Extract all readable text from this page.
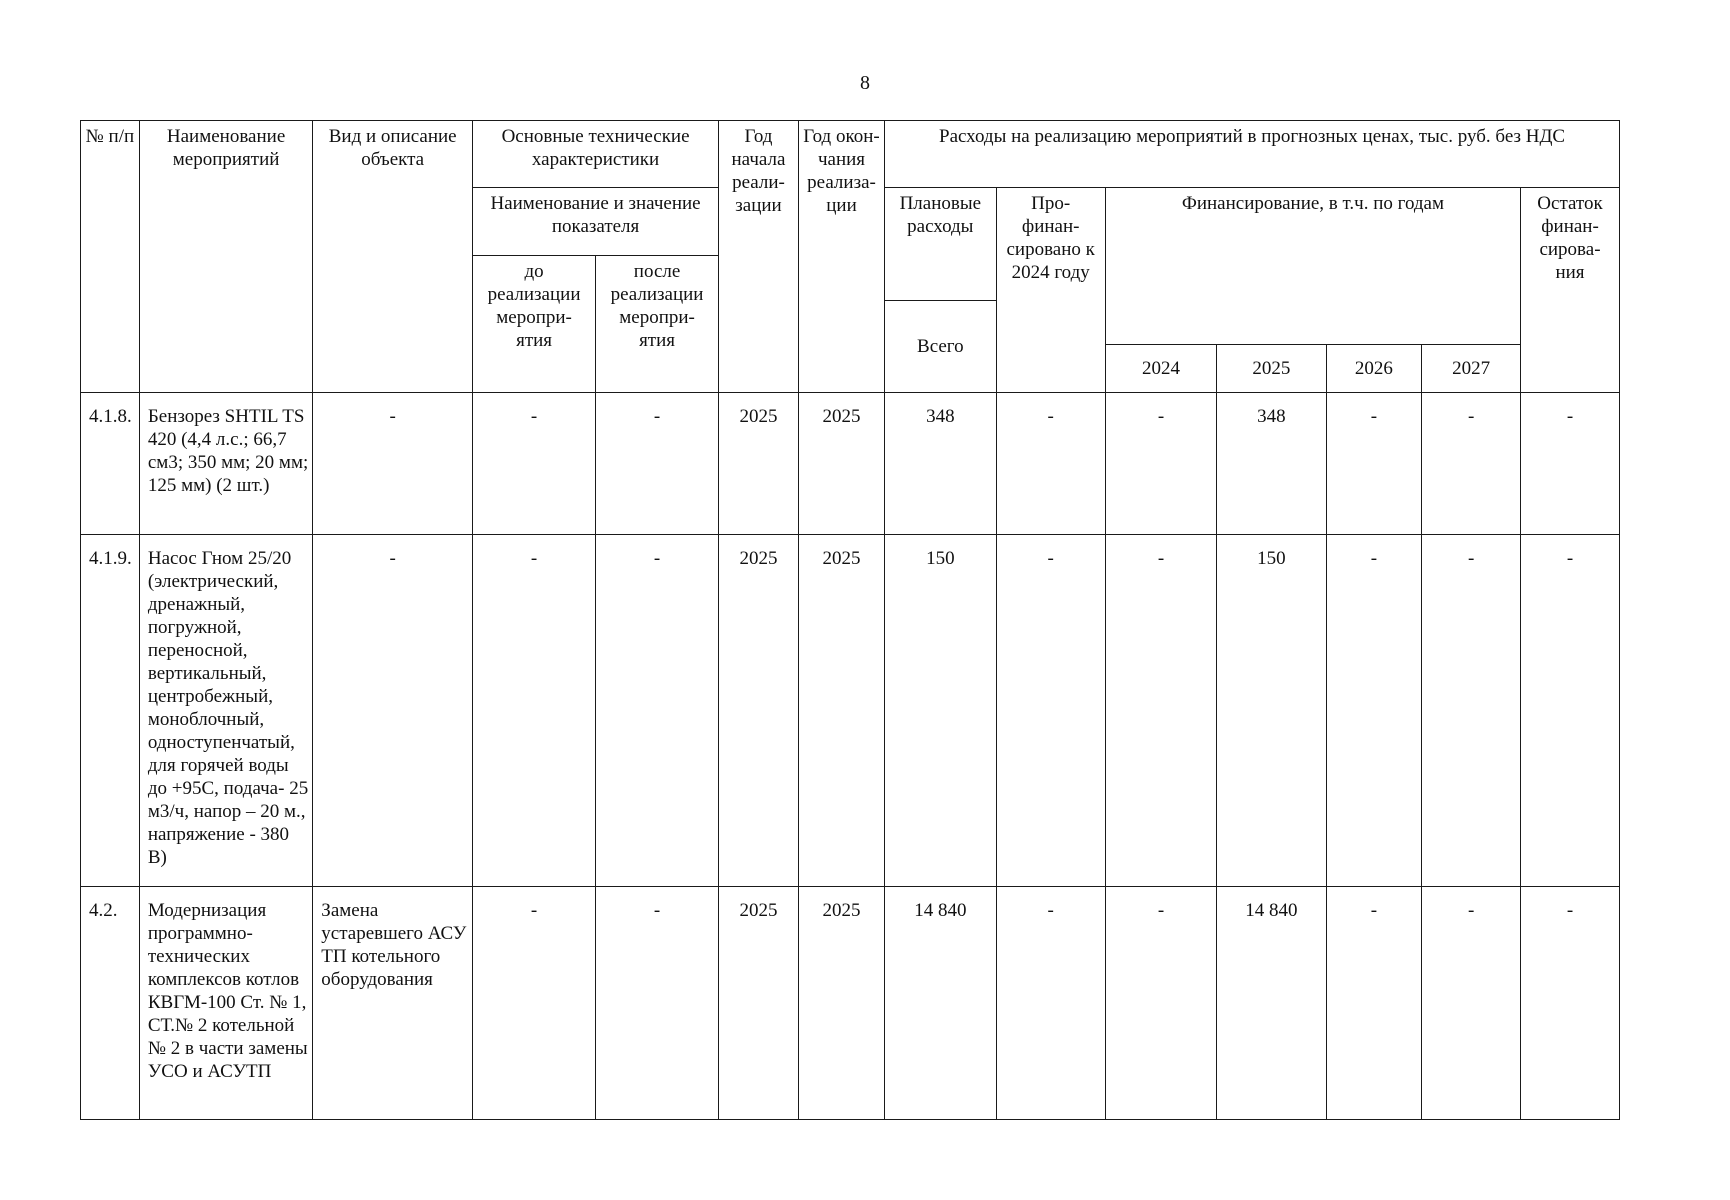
8
№ п/п	Наименование мероприятий	Вид и описание объекта	Основные технические характеристики		Год начала реали- зации	Год окон- чания реализа- ции	Расходы на реализацию мероприятий в прогнозных ценах, тыс. руб. без НДС						
			Наименование и значение показателя				Плановые расходы	Про- финан- сировано к 2024 году	Финансирование, в т.ч. по годам				Остаток финан- сирова- ния
			до реализации меропри- ятия	после реализации меропри- ятия									
							Всего						
									2024	2025	2026	2027	
4.1.8.	Бензорез SHTIL TS 420 (4,4 л.с.; 66,7 см3; 350 мм; 20 мм; 125 мм) (2 шт.)	-	-	-	2025	2025	348	-	-	348	-	-	-
4.1.9.	Насос Гном 25/20 (электрический, дренажный, погружной, переносной, вертикальный, центробежный, моноблочный, одноступенчатый, для горячей воды до +95С, подача- 25 м3/ч, напор – 20 м., напряжение - 380 В)	-	-	-	2025	2025	150	-	-	150	-	-	-
4.2.	Модернизация программно- технических комплексов котлов КВГМ-100 Ст. № 1, СТ.№ 2 котельной № 2 в части замены УСО и АСУТП	Замена устаревшего АСУ ТП котельного оборудования	-	-	2025	2025	14 840	-	-	14 840	-	-	-
